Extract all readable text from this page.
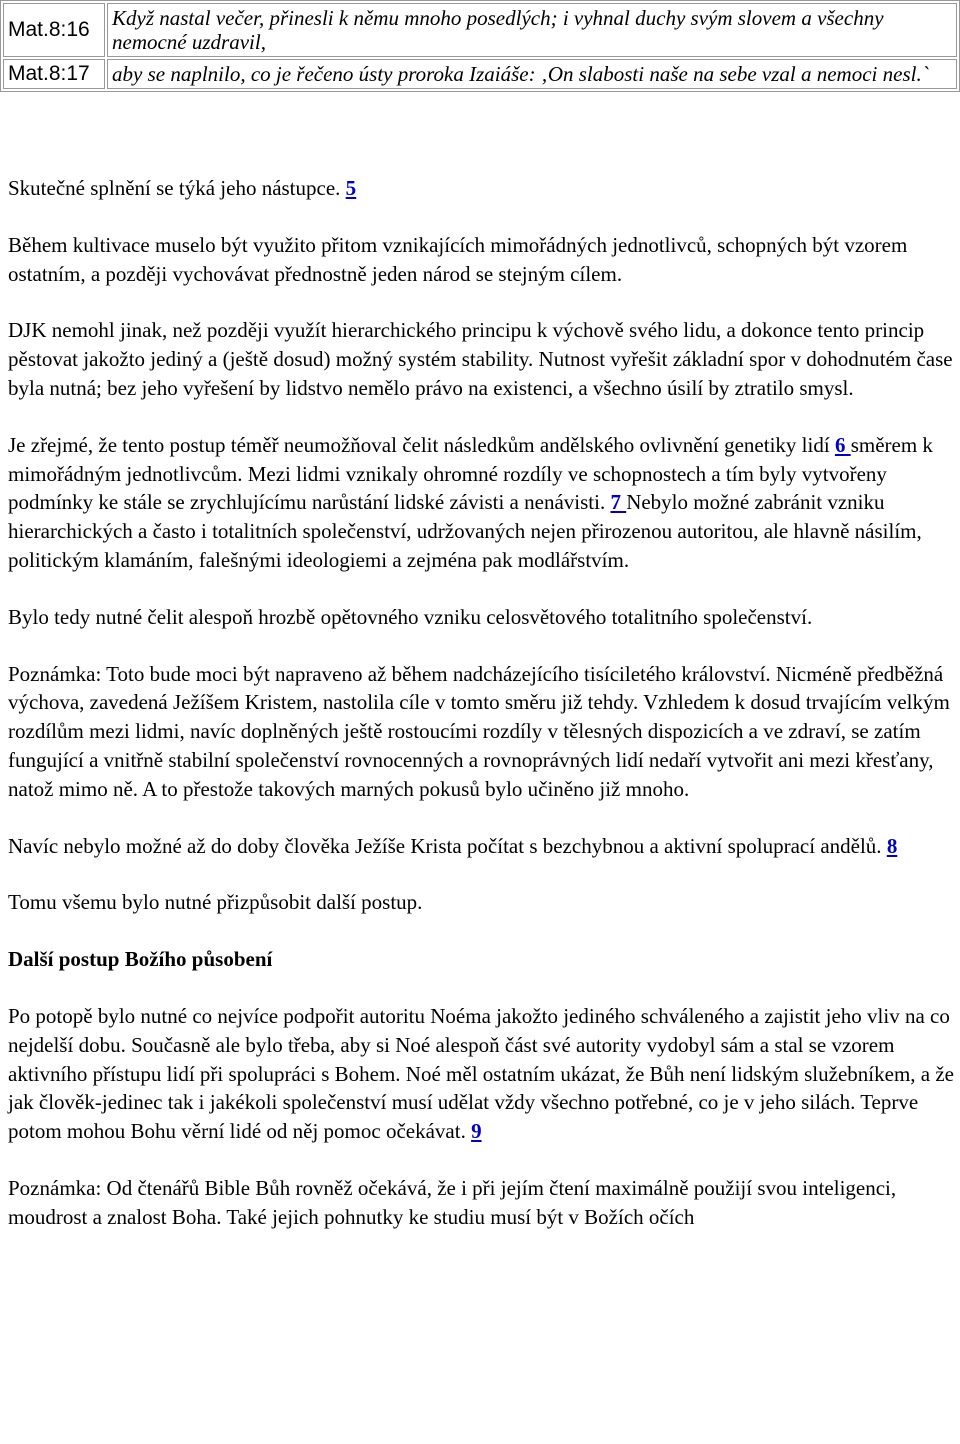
Mat.8:16	Když nastal večer, přinesli k němu mnoho posedlých; i vyhnal duchy svým slovem a všechny nemocné uzdravil,
Mat.8:17	aby se naplnilo, co je řečeno ústy proroka Izaiáše: ‚On slabosti naše na sebe vzal a nemoci nesl.`

Skutečné splnění se týká jeho nástupce. 5

Během kultivace muselo být využito přitom vznikajících mimořádných jednotlivců, schopných být vzorem ostatním, a později vychovávat přednostně jeden národ se stejným cílem.

DJK nemohl jinak, než později využít hierarchického principu k výchově svého lidu, a dokonce tento princip pěstovat jakožto jediný a (ještě dosud) možný systém stability. Nutnost vyřešit základní spor v dohodnutém čase byla nutná; bez jeho vyřešení by lidstvo nemělo právo na existenci, a všechno úsilí by ztratilo smysl.

Je zřejmé, že tento postup téměř neumožňoval čelit následkům andělského ovlivnění genetiky lidí 6 směrem k mimořádným jednotlivcům. Mezi lidmi vznikaly ohromné rozdíly ve schopnostech a tím byly vytvořeny podmínky ke stále se zrychlujícímu narůstání lidské závisti a nenávisti. 7 Nebylo možné zabránit vzniku hierarchických a často i totalitních společenství, udržovaných nejen přirozenou autoritou, ale hlavně násilím, politickým klamáním, falešnými ideologiemi a zejména pak modlářstvím.

Bylo tedy nutné čelit alespoň hrozbě opětovného vzniku celosvětového totalitního společenství.

Poznámka: Toto bude moci být napraveno až během nadcházejícího tisíciletého království. Nicméně předběžná výchova, zavedená Ježíšem Kristem, nastolila cíle v tomto směru již tehdy. Vzhledem k dosud trvajícím velkým rozdílům mezi lidmi, navíc doplněných ještě rostoucími rozdíly v tělesných dispozicích a ve zdraví, se zatím fungující a vnitřně stabilní společenství rovnocenných a rovnoprávných lidí nedaří vytvořit ani mezi křesťany, natož mimo ně. A to přestože takových marných pokusů bylo učiněno již mnoho.

Navíc nebylo možné až do doby člověka Ježíše Krista počítat s bezchybnou a aktivní spoluprací andělů. 8

Tomu všemu bylo nutné přizpůsobit další postup.

Další postup Božího působení

Po potopě bylo nutné co nejvíce podpořit autoritu Noéma jakožto jediného schváleného a zajistit jeho vliv na co nejdelší dobu. Současně ale bylo třeba, aby si Noé alespoň část své autority vydobyl sám a stal se vzorem aktivního přístupu lidí při spolupráci s Bohem. Noé měl ostatním ukázat, že Bůh není lidským služebníkem, a že jak člověk-jedinec tak i jakékoli společenství musí udělat vždy všechno potřebné, co je v jeho silách. Teprve potom mohou Bohu věrní lidé od něj pomoc očekávat. 9

Poznámka: Od čtenářů Bible Bůh rovněž očekává, že i při jejím čtení maximálně použijí svou inteligenci, moudrost a znalost Boha. Také jejich pohnutky ke studiu musí být v Božích očích
